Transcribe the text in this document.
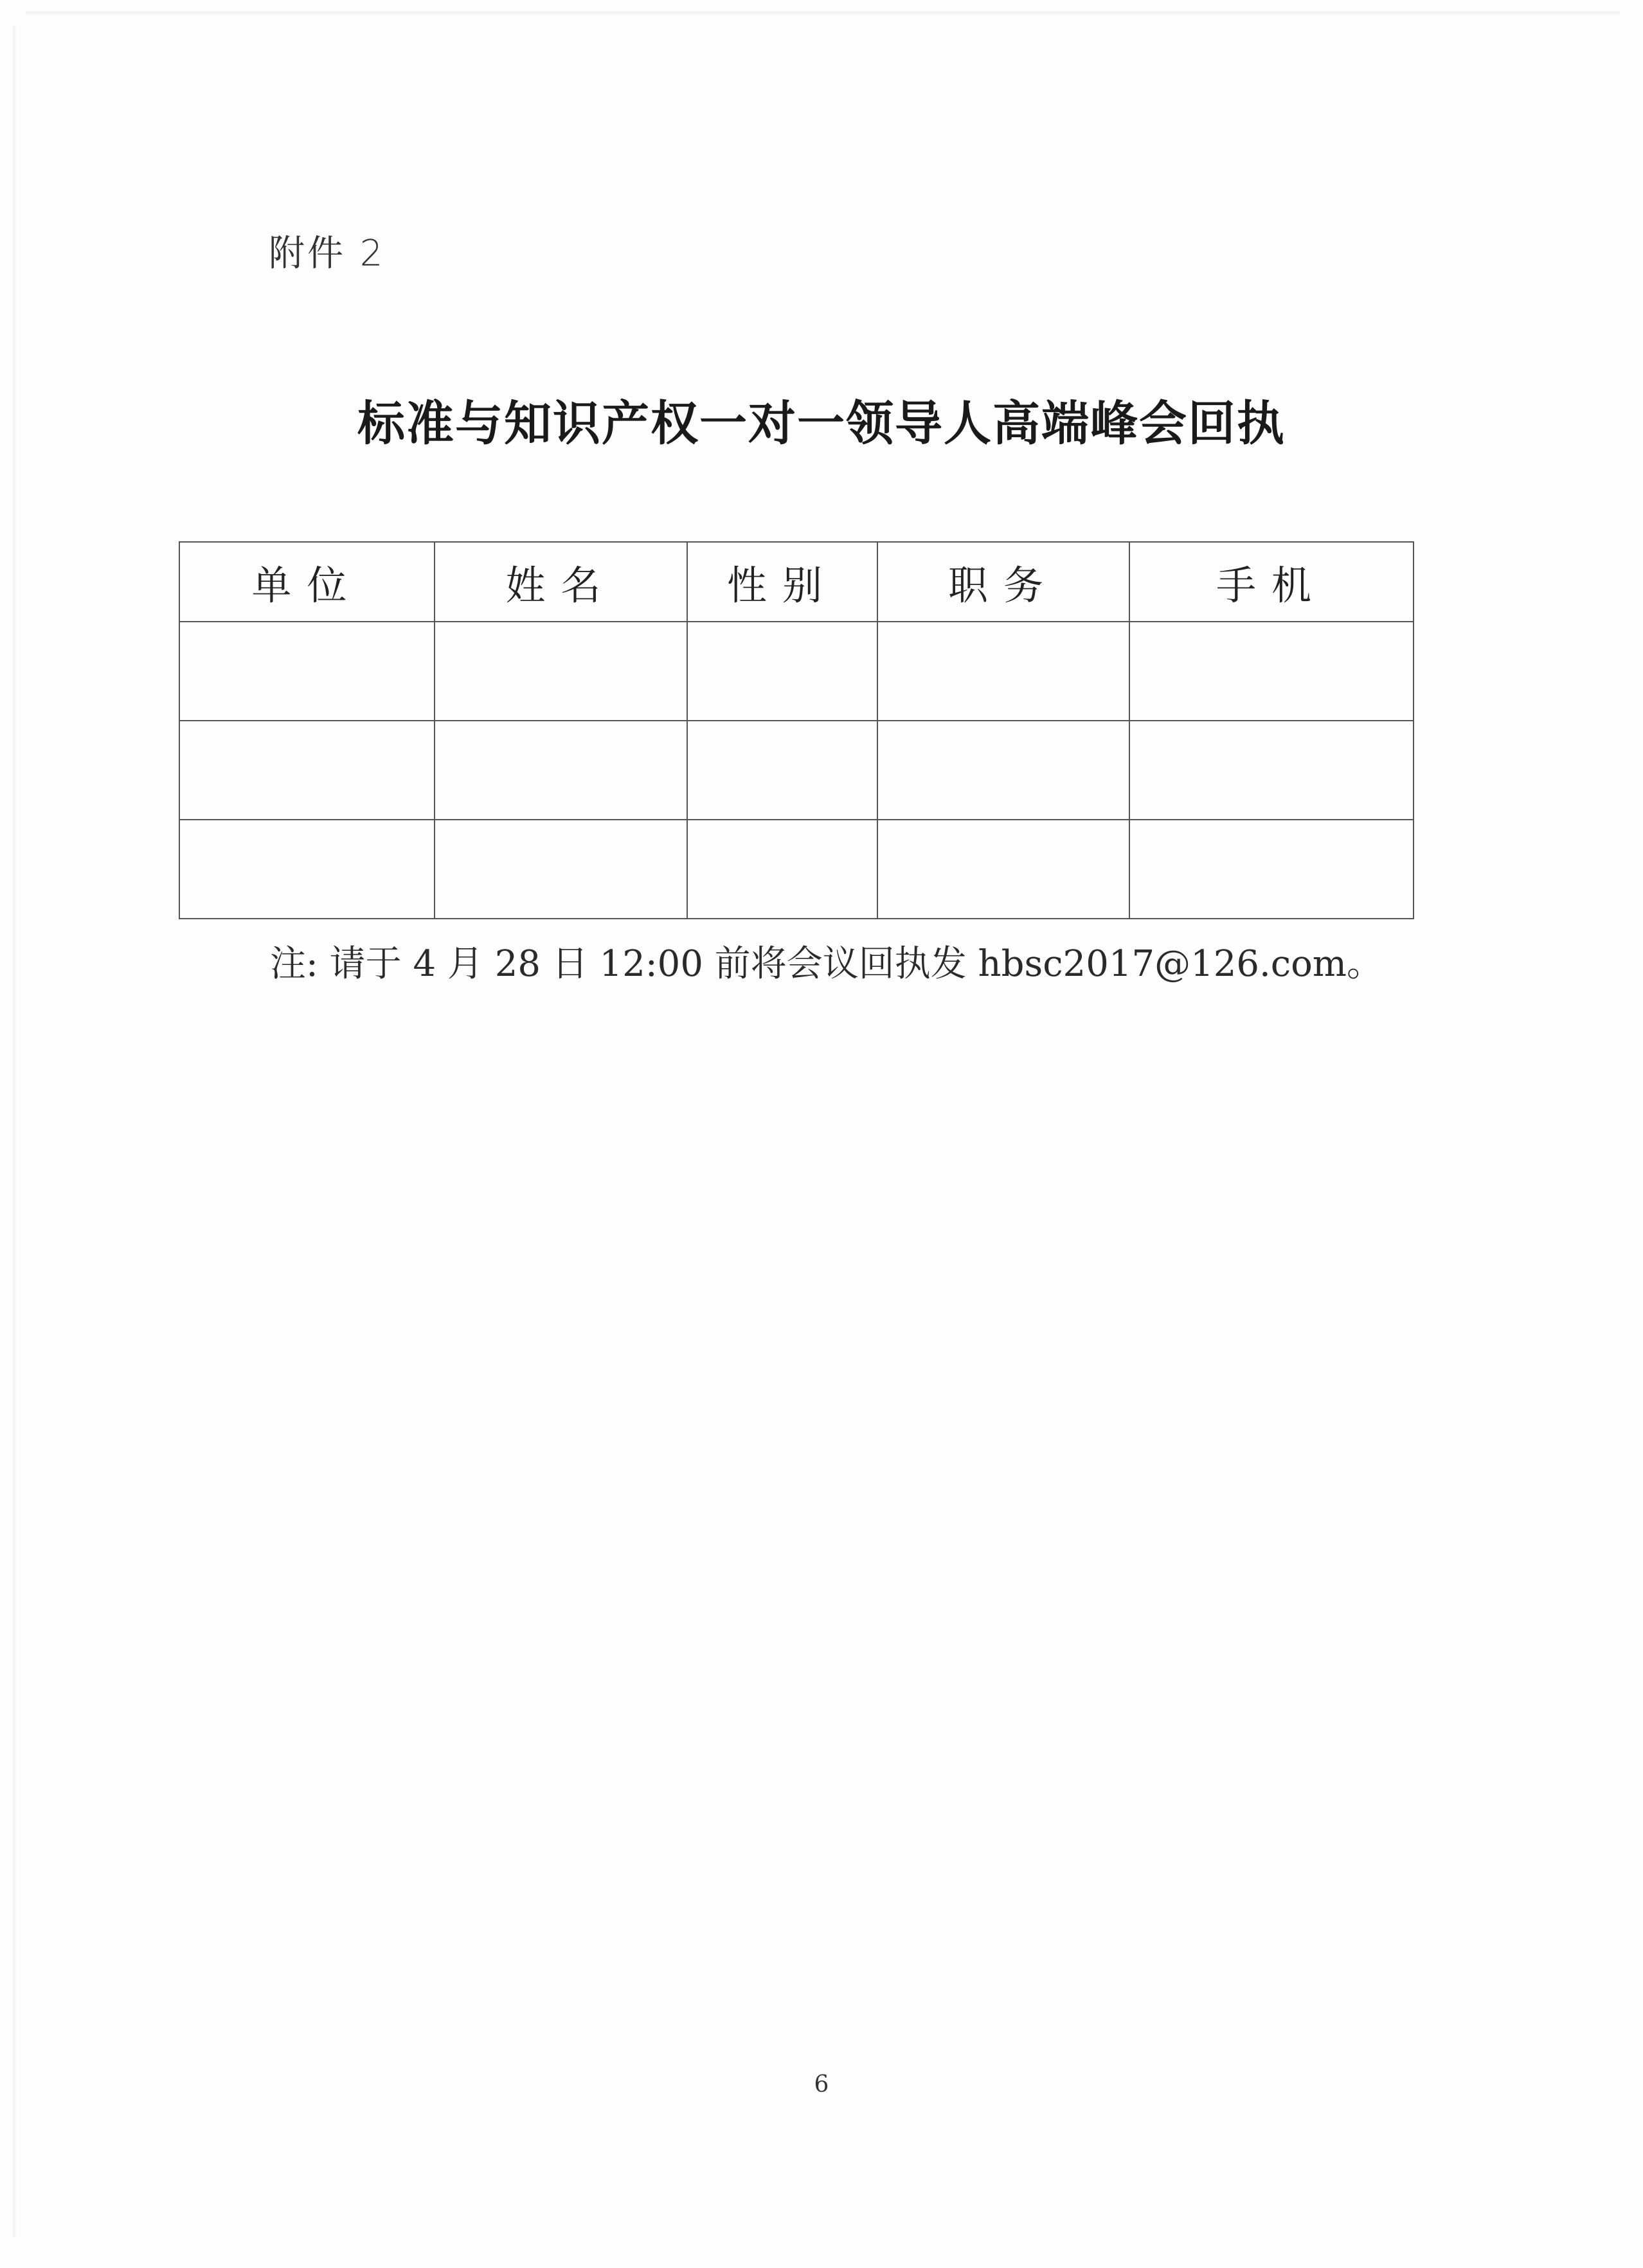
附件 2
标准与知识产权一对一领导人高端峰会回执
单位	姓名	性别	职务	手机

注: 请于 4 月 28 日 12:00 前将会议回执发 hbsc2017@126.com。
6
